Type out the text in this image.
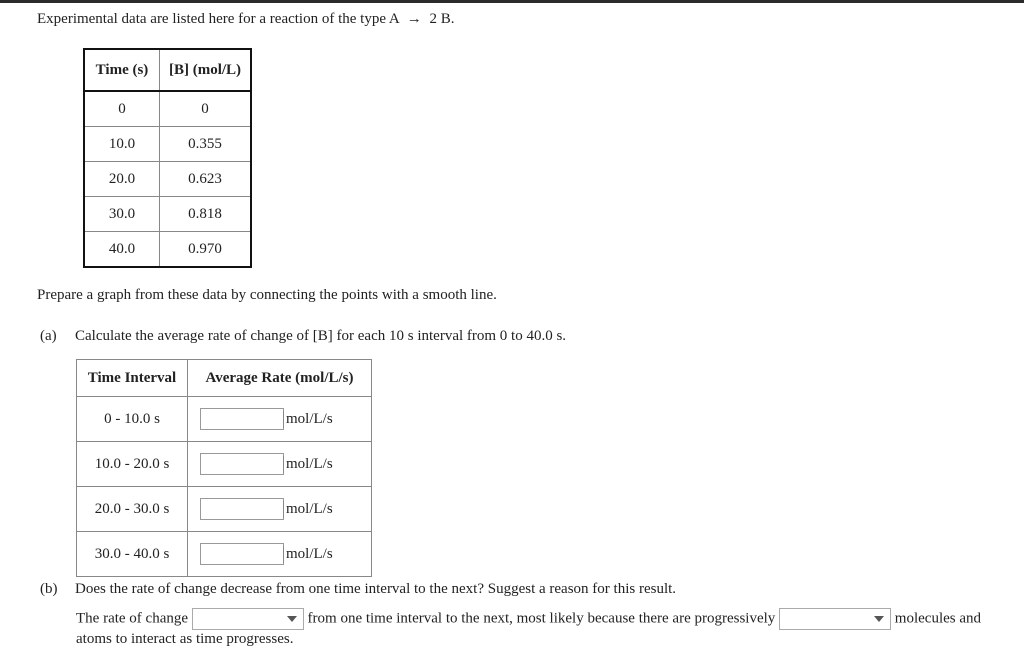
Experimental data are listed here for a reaction of the type A → 2 B.
Time (s)	[B] (mol/L)
0	0
10.0	0.355
20.0	0.623
30.0	0.818
40.0	0.970
Prepare a graph from these data by connecting the points with a smooth line.
(a) Calculate the average rate of change of [B] for each 10 s interval from 0 to 40.0 s.
Time Interval	Average Rate (mol/L/s)
0 - 10.0 s	mol/L/s
10.0 - 20.0 s	mol/L/s
20.0 - 30.0 s	mol/L/s
30.0 - 40.0 s	mol/L/s
(b) Does the rate of change decrease from one time interval to the next? Suggest a reason for this result.
The rate of change	from one time interval to the next, most likely because there are progressively	molecules and
atoms to interact as time progresses.
